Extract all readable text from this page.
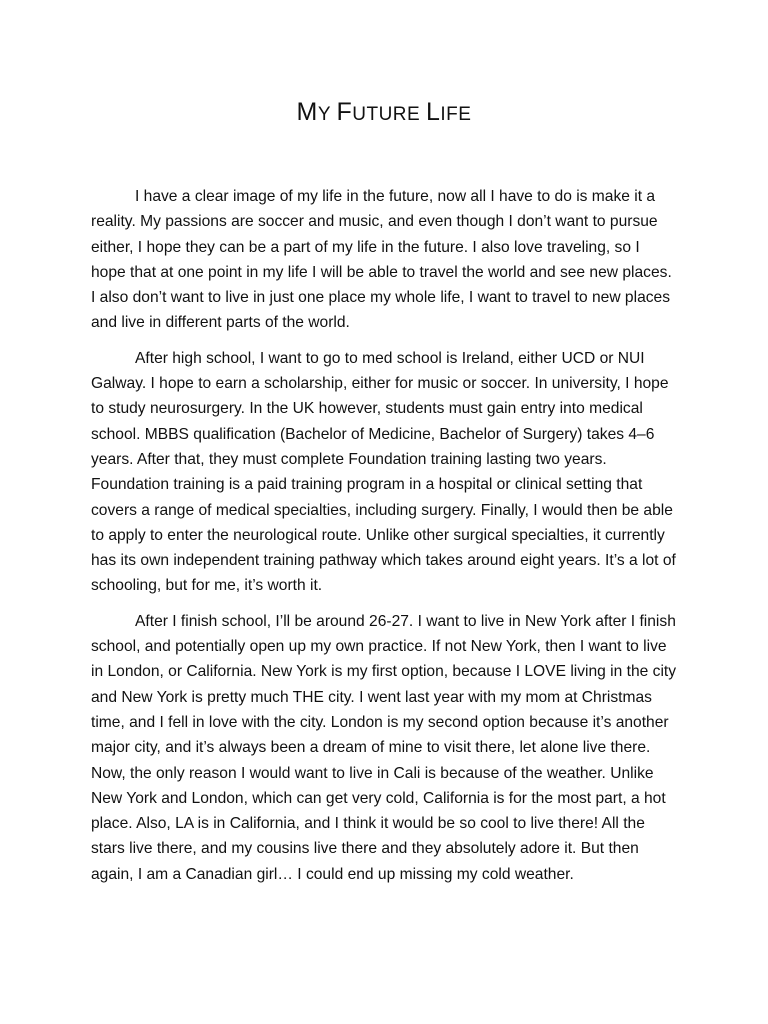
MY FUTURE LIFE

I have a clear image of my life in the future, now all I have to do is make it a reality. My passions are soccer and music, and even though I don’t want to pursue either, I hope they can be a part of my life in the future. I also love traveling, so I hope that at one point in my life I will be able to travel the world and see new places. I also don’t want to live in just one place my whole life, I want to travel to new places and live in different parts of the world.

After high school, I want to go to med school is Ireland, either UCD or NUI Galway. I hope to earn a scholarship, either for music or soccer. In university, I hope to study neurosurgery. In the UK however, students must gain entry into medical school. MBBS qualification (Bachelor of Medicine, Bachelor of Surgery) takes 4–6 years. After that, they must complete Foundation training lasting two years. Foundation training is a paid training program in a hospital or clinical setting that covers a range of medical specialties, including surgery. Finally, I would then be able to apply to enter the neurological route. Unlike other surgical specialties, it currently has its own independent training pathway which takes around eight years. It’s a lot of schooling, but for me, it’s worth it.

After I finish school, I’ll be around 26-27. I want to live in New York after I finish school, and potentially open up my own practice. If not New York, then I want to live in London, or California. New York is my first option, because I LOVE living in the city and New York is pretty much THE city. I went last year with my mom at Christmas time, and I fell in love with the city. London is my second option because it’s another major city, and it’s always been a dream of mine to visit there, let alone live there. Now, the only reason I would want to live in Cali is because of the weather. Unlike New York and London, which can get very cold, California is for the most part, a hot place. Also, LA is in California, and I think it would be so cool to live there! All the stars live there, and my cousins live there and they absolutely adore it. But then again, I am a Canadian girl… I could end up missing my cold weather.
